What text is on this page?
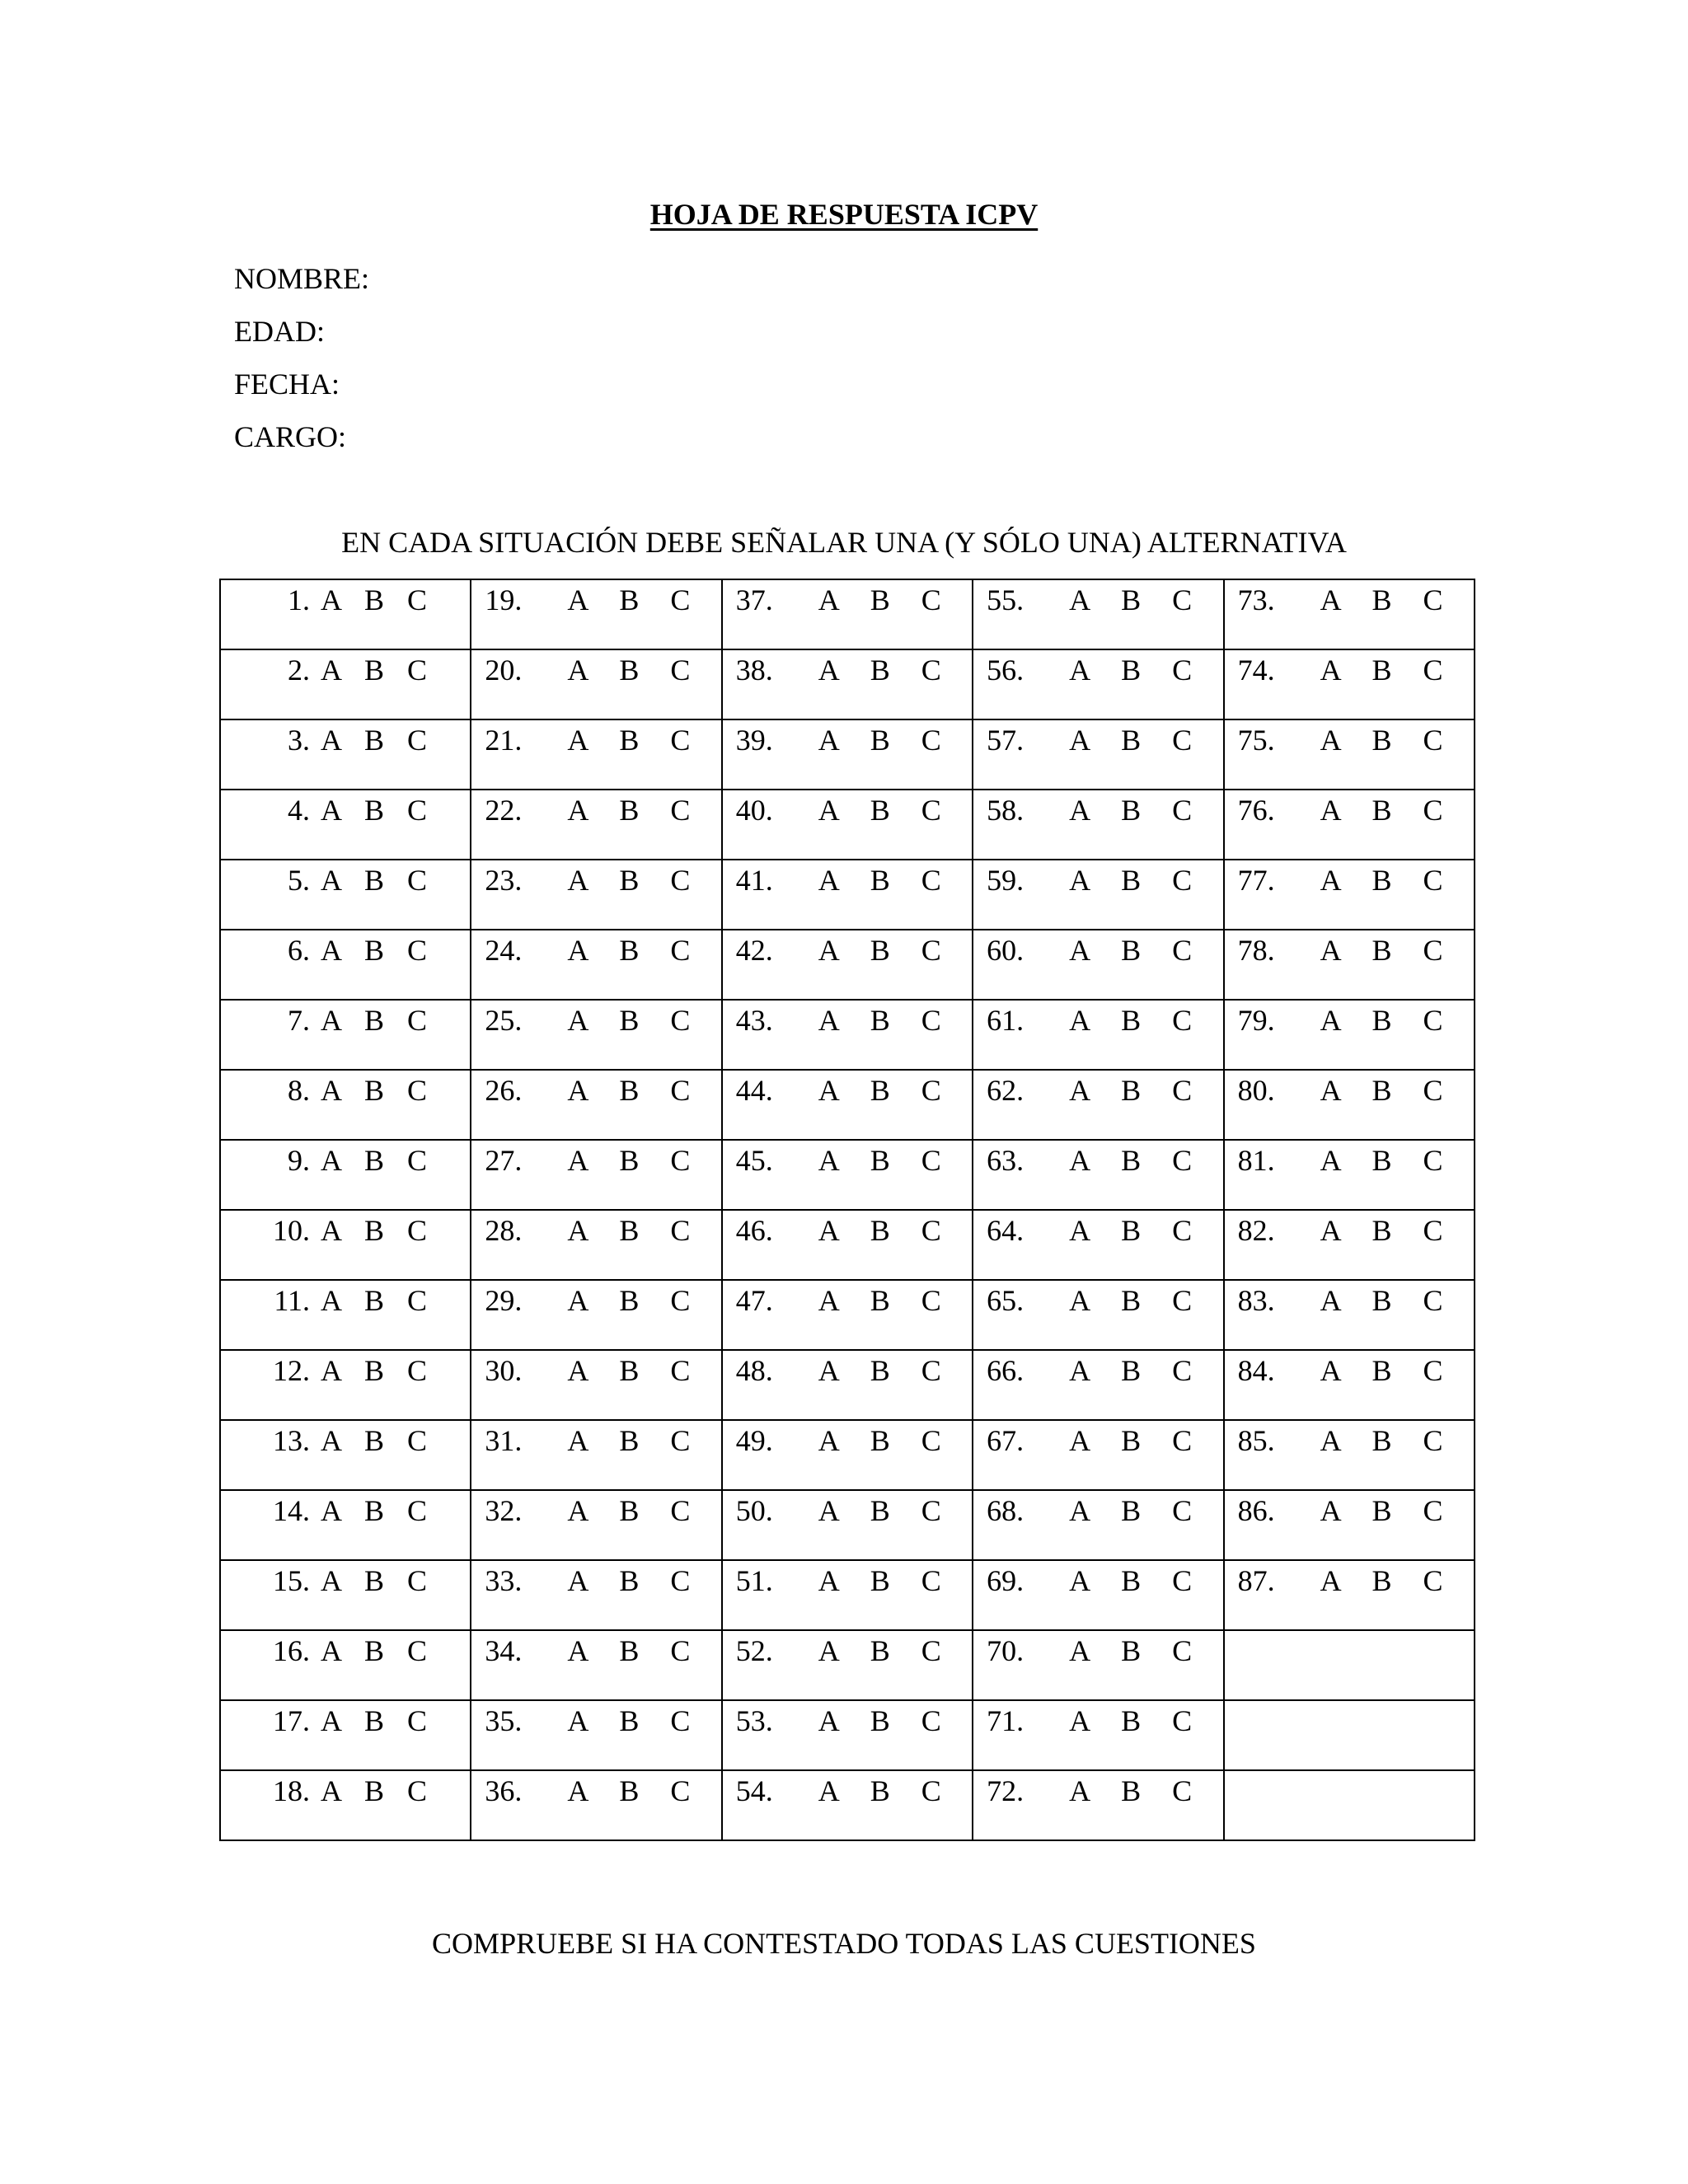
HOJA DE RESPUESTA ICPV
NOMBRE:
EDAD:
FECHA:
CARGO:
EN CADA SITUACIÓN DEBE SEÑALAR UNA (Y SÓLO UNA) ALTERNATIVA
1. A B C	19. A B C	37. A B C	55. A B C	73. A B C

2. A B C	20. A B C	38. A B C	56. A B C	74. A B C

3. A B C	21. A B C	39. A B C	57. A B C	75. A B C

4. A B C	22. A B C	40. A B C	58. A B C	76. A B C

5. A B C	23. A B C	41. A B C	59. A B C	77. A B C

6. A B C	24. A B C	42. A B C	60. A B C	78. A B C

7. A B C	25. A B C	43. A B C	61. A B C	79. A B C

8. A B C	26. A B C	44. A B C	62. A B C	80. A B C

9. A B C	27. A B C	45. A B C	63. A B C	81. A B C

10. A B C	28. A B C	46. A B C	64. A B C	82. A B C

11. A B C	29. A B C	47. A B C	65. A B C	83. A B C

12. A B C	30. A B C	48. A B C	66. A B C	84. A B C

13. A B C	31. A B C	49. A B C	67. A B C	85. A B C

14. A B C	32. A B C	50. A B C	68. A B C	86. A B C

15. A B C	33. A B C	51. A B C	69. A B C	87. A B C

16. A B C	34. A B C	52. A B C	70. A B C	

17. A B C	35. A B C	53. A B C	71. A B C	

18. A B C	36. A B C	54. A B C	72. A B C	

COMPRUEBE SI HA CONTESTADO TODAS LAS CUESTIONES
